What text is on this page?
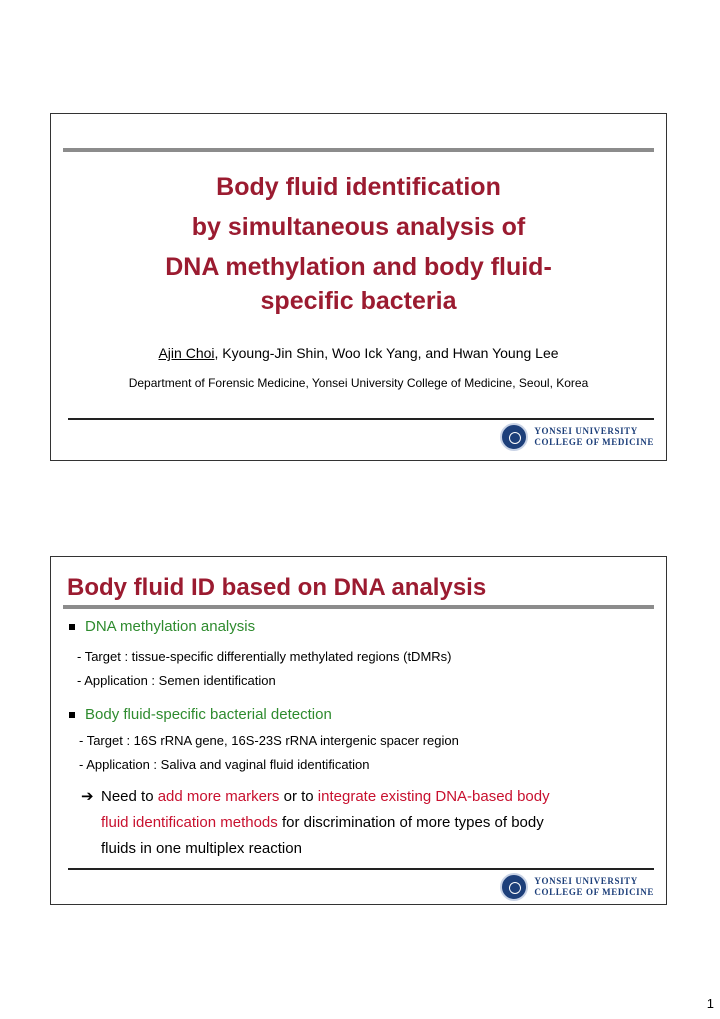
Body fluid identification
by simultaneous analysis of
DNA methylation and body fluid-
specific bacteria
Ajin Choi, Kyoung-Jin Shin, Woo Ick Yang, and Hwan Young Lee
Department of Forensic Medicine, Yonsei University College of Medicine, Seoul, Korea
YONSEI UNIVERSITY
COLLEGE OF MEDICINE
Body fluid ID based on DNA analysis
DNA methylation analysis
- Target : tissue-specific differentially methylated regions (tDMRs)
- Application : Semen identification
Body fluid-specific bacterial detection
- Target : 16S rRNA gene, 16S-23S rRNA intergenic spacer region
- Application : Saliva and vaginal fluid identification
➔ Need to add more markers or to integrate existing DNA-based body
fluid identification methods for discrimination of more types of body
fluids in one multiplex reaction
YONSEI UNIVERSITY
COLLEGE OF MEDICINE
1
